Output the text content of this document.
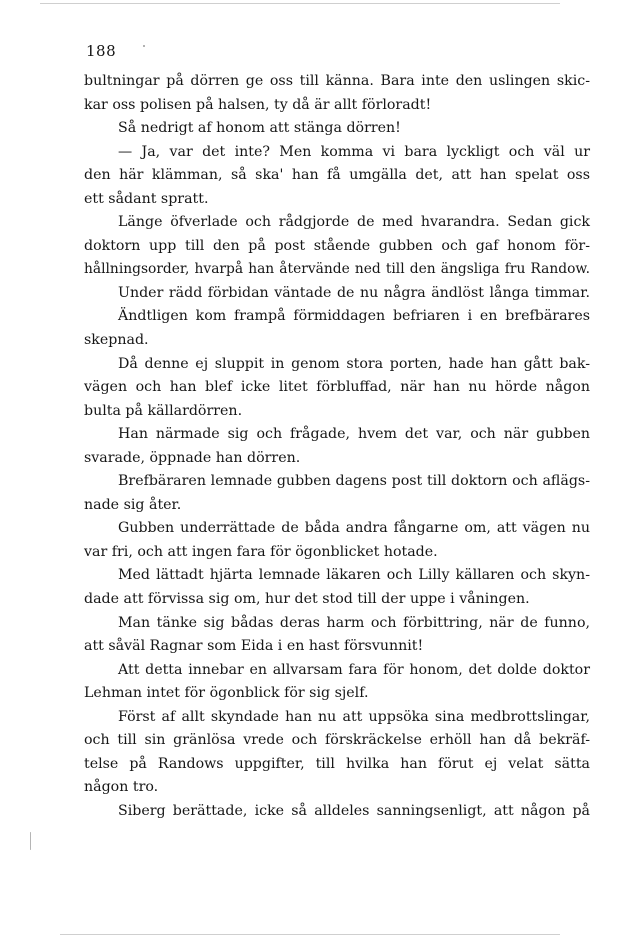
188
bultningar på dörren ge oss till känna. Bara inte den uslingen skic-
kar oss polisen på halsen, ty då är allt förloradt!
Så nedrigt af honom att stänga dörren!
— Ja, var det inte? Men komma vi bara lyckligt och väl ur
den här klämman, så ska' han få umgälla det, att han spelat oss
ett sådant spratt.
Länge öfverlade och rådgjorde de med hvarandra. Sedan gick
doktorn upp till den på post stående gubben och gaf honom för-
hållningsorder, hvarpå han återvände ned till den ängsliga fru Randow.
Under rädd förbidan väntade de nu några ändlöst långa timmar.
Ändtligen kom frampå förmiddagen befriaren i en brefbärares
skepnad.
Då denne ej sluppit in genom stora porten, hade han gått bak-
vägen och han blef icke litet förbluffad, när han nu hörde någon
bulta på källardörren.
Han närmade sig och frågade, hvem det var, och när gubben
svarade, öppnade han dörren.
Brefbäraren lemnade gubben dagens post till doktorn och aflägs-
nade sig åter.
Gubben underrättade de båda andra fångarne om, att vägen nu
var fri, och att ingen fara för ögonblicket hotade.
Med lättadt hjärta lemnade läkaren och Lilly källaren och skyn-
dade att förvissa sig om, hur det stod till der uppe i våningen.
Man tänke sig bådas deras harm och förbittring, när de funno,
att såväl Ragnar som Eida i en hast försvunnit!
Att detta innebar en allvarsam fara för honom, det dolde doktor
Lehman intet för ögonblick för sig sjelf.
Först af allt skyndade han nu att uppsöka sina medbrottslingar,
och till sin gränlösa vrede och förskräckelse erhöll han då bekräf-
telse på Randows uppgifter, till hvilka han förut ej velat sätta
någon tro.
Siberg berättade, icke så alldeles sanningsenligt, att någon på
